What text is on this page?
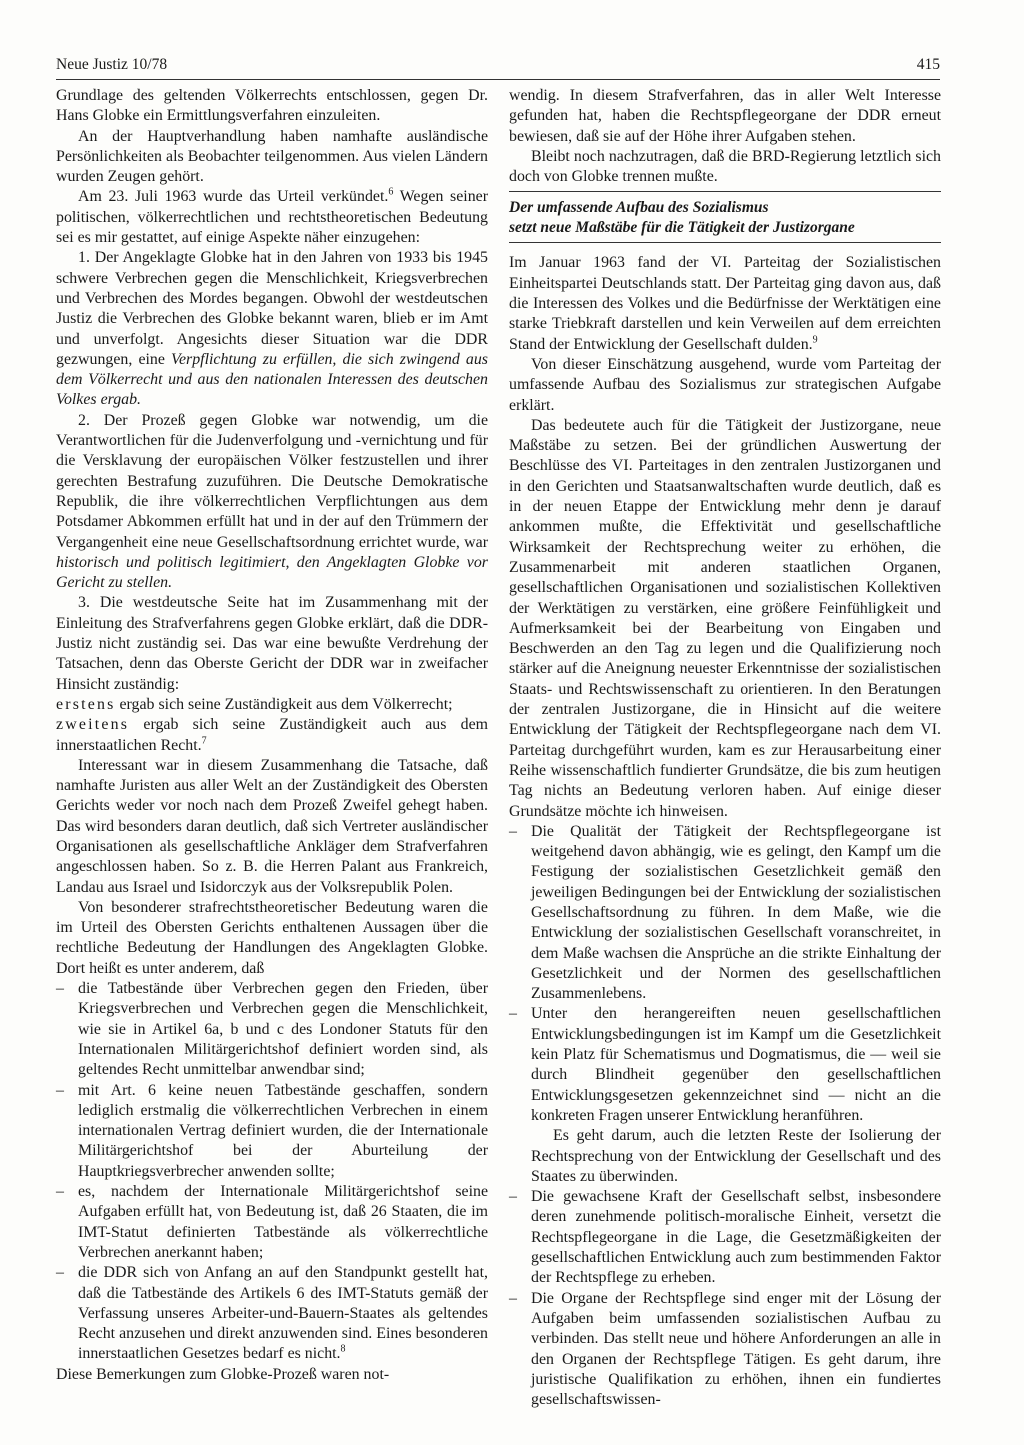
Neue Justiz 10/78	415

Grundlage des geltenden Völkerrechts entschlossen, gegen Dr. Hans Globke ein Ermittlungsverfahren einzuleiten.

An der Hauptverhandlung haben namhafte ausländische Persönlichkeiten als Beobachter teilgenommen. Aus vielen Ländern wurden Zeugen gehört.

Am 23. Juli 1963 wurde das Urteil verkündet.$^6$ Wegen seiner politischen, völkerrechtlichen und rechtstheoretischen Bedeutung sei es mir gestattet, auf einige Aspekte näher einzugehen:

1. Der Angeklagte Globke hat in den Jahren von 1933 bis 1945 schwere Verbrechen gegen die Menschlichkeit, Kriegsverbrechen und Verbrechen des Mordes begangen. Obwohl der westdeutschen Justiz die Verbrechen des Globke bekannt waren, blieb er im Amt und unverfolgt. Angesichts dieser Situation war die DDR gezwungen, eine Verpflichtung zu erfüllen, die sich zwingend aus dem Völkerrecht und aus den nationalen Interessen des deutschen Volkes ergab.

2. Der Prozeß gegen Globke war notwendig, um die Verantwortlichen für die Judenverfolgung und -vernichtung und für die Versklavung der europäischen Völker festzustellen und ihrer gerechten Bestrafung zuzuführen. Die Deutsche Demokratische Republik, die ihre völkerrechtlichen Verpflichtungen aus dem Potsdamer Abkommen erfüllt hat und in der auf den Trümmern der Vergangenheit eine neue Gesellschaftsordnung errichtet wurde, war historisch und politisch legitimiert, den Angeklagten Globke vor Gericht zu stellen.

3. Die westdeutsche Seite hat im Zusammenhang mit der Einleitung des Strafverfahrens gegen Globke erklärt, daß die DDR-Justiz nicht zuständig sei. Das war eine bewußte Verdrehung der Tatsachen, denn das Oberste Gericht der DDR war in zweifacher Hinsicht zuständig:

erstens ergab sich seine Zuständigkeit aus dem Völkerrecht;

zweitens ergab sich seine Zuständigkeit auch aus dem innerstaatlichen Recht.$^7$

Interessant war in diesem Zusammenhang die Tatsache, daß namhafte Juristen aus aller Welt an der Zuständigkeit des Obersten Gerichts weder vor noch nach dem Prozeß Zweifel gehegt haben. Das wird besonders daran deutlich, daß sich Vertreter ausländischer Organisationen als gesellschaftliche Ankläger dem Strafverfahren angeschlossen haben. So z. B. die Herren Palant aus Frankreich, Landau aus Israel und Isidorczyk aus der Volksrepublik Polen.

Von besonderer strafrechtstheoretischer Bedeutung waren die im Urteil des Obersten Gerichts enthaltenen Aussagen über die rechtliche Bedeutung der Handlungen des Angeklagten Globke. Dort heißt es unter anderem, daß

– die Tatbestände über Verbrechen gegen den Frieden, über Kriegsverbrechen und Verbrechen gegen die Menschlichkeit, wie sie in Artikel 6a, b und c des Londoner Statuts für den Internationalen Militärgerichtshof definiert worden sind, als geltendes Recht unmittelbar anwendbar sind;
– mit Art. 6 keine neuen Tatbestände geschaffen, sondern lediglich erstmalig die völkerrechtlichen Verbrechen in einem internationalen Vertrag definiert wurden, die der Internationale Militärgerichtshof bei der Aburteilung der Hauptkriegsverbrecher anwenden sollte;
– es, nachdem der Internationale Militärgerichtshof seine Aufgaben erfüllt hat, von Bedeutung ist, daß 26 Staaten, die im IMT-Statut definierten Tatbestände als völkerrechtliche Verbrechen anerkannt haben;
– die DDR sich von Anfang an auf den Standpunkt gestellt hat, daß die Tatbestände des Artikels 6 des IMT-Statuts gemäß der Verfassung unseres Arbeiter-und-Bauern-Staates als geltendes Recht anzusehen und direkt anzuwenden sind. Eines besonderen innerstaatlichen Gesetzes bedarf es nicht.$^8$

Diese Bemerkungen zum Globke-Prozeß waren not-

wendig. In diesem Strafverfahren, das in aller Welt Interesse gefunden hat, haben die Rechtspflegeorgane der DDR erneut bewiesen, daß sie auf der Höhe ihrer Aufgaben stehen.

Bleibt noch nachzutragen, daß die BRD-Regierung letztlich sich doch von Globke trennen mußte.

Der umfassende Aufbau des Sozialismus
setzt neue Maßstäbe für die Tätigkeit der Justizorgane

Im Januar 1963 fand der VI. Parteitag der Sozialistischen Einheitspartei Deutschlands statt. Der Parteitag ging davon aus, daß die Interessen des Volkes und die Bedürfnisse der Werktätigen eine starke Triebkraft darstellen und kein Verweilen auf dem erreichten Stand der Entwicklung der Gesellschaft dulden.$^9$

Von dieser Einschätzung ausgehend, wurde vom Parteitag der umfassende Aufbau des Sozialismus zur strategischen Aufgabe erklärt.

Das bedeutete auch für die Tätigkeit der Justizorgane, neue Maßstäbe zu setzen. Bei der gründlichen Auswertung der Beschlüsse des VI. Parteitages in den zentralen Justizorganen und in den Gerichten und Staatsanwaltschaften wurde deutlich, daß es in der neuen Etappe der Entwicklung mehr denn je darauf ankommen mußte, die Effektivität und gesellschaftliche Wirksamkeit der Rechtsprechung weiter zu erhöhen, die Zusammenarbeit mit anderen staatlichen Organen, gesellschaftlichen Organisationen und sozialistischen Kollektiven der Werktätigen zu verstärken, eine größere Feinfühligkeit und Aufmerksamkeit bei der Bearbeitung von Eingaben und Beschwerden an den Tag zu legen und die Qualifizierung noch stärker auf die Aneignung neuester Erkenntnisse der sozialistischen Staats- und Rechtswissenschaft zu orientieren. In den Beratungen der zentralen Justizorgane, die in Hinsicht auf die weitere Entwicklung der Tätigkeit der Rechtspflegeorgane nach dem VI. Parteitag durchgeführt wurden, kam es zur Herausarbeitung einer Reihe wissenschaftlich fundierter Grundsätze, die bis zum heutigen Tag nichts an Bedeutung verloren haben. Auf einige dieser Grundsätze möchte ich hinweisen.

– Die Qualität der Tätigkeit der Rechtspflegeorgane ist weitgehend davon abhängig, wie es gelingt, den Kampf um die Festigung der sozialistischen Gesetzlichkeit gemäß den jeweiligen Bedingungen bei der Entwicklung der sozialistischen Gesellschaftsordnung zu führen. In dem Maße, wie die Entwicklung der sozialistischen Gesellschaft voranschreitet, in dem Maße wachsen die Ansprüche an die strikte Einhaltung der Gesetzlichkeit und der Normen des gesellschaftlichen Zusammenlebens.
– Unter den herangereiften neuen gesellschaftlichen Entwicklungsbedingungen ist im Kampf um die Gesetzlichkeit kein Platz für Schematismus und Dogmatismus, die — weil sie durch Blindheit gegenüber den gesellschaftlichen Entwicklungsgesetzen gekennzeichnet sind — nicht an die konkreten Fragen unserer Entwicklung heranführen.

Es geht darum, auch die letzten Reste der Isolierung der Rechtsprechung von der Entwicklung der Gesellschaft und des Staates zu überwinden.

– Die gewachsene Kraft der Gesellschaft selbst, insbesondere deren zunehmende politisch-moralische Einheit, versetzt die Rechtspflegeorgane in die Lage, die Gesetzmäßigkeiten der gesellschaftlichen Entwicklung auch zum bestimmenden Faktor der Rechtspflege zu erheben.
– Die Organe der Rechtspflege sind enger mit der Lösung der Aufgaben beim umfassenden sozialistischen Aufbau zu verbinden. Das stellt neue und höhere Anforderungen an alle in den Organen der Rechtspflege Tätigen. Es geht darum, ihre juristische Qualifikation zu erhöhen, ihnen ein fundiertes gesellschaftswissen-
